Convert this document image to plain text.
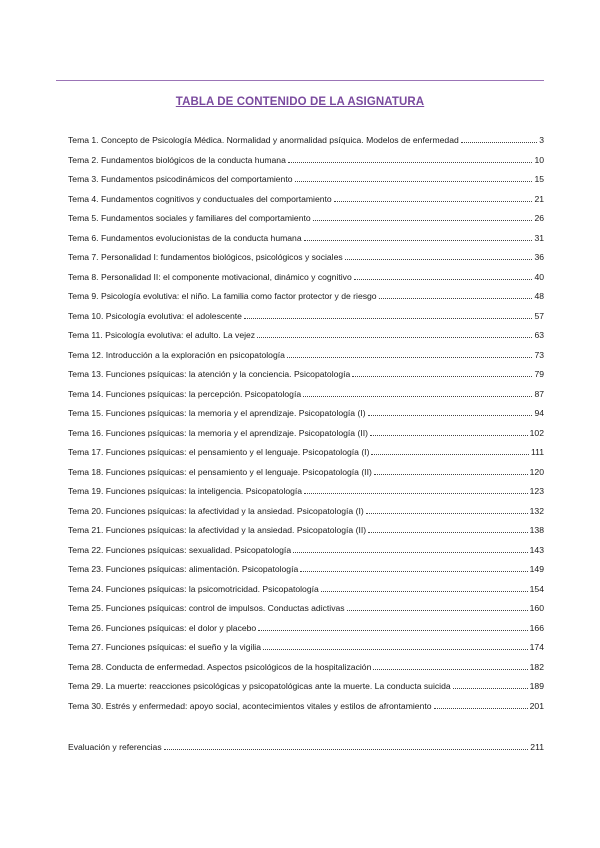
TABLA DE CONTENIDO DE LA ASIGNATURA
Tema 1. Concepto de Psicología Médica. Normalidad y anormalidad psíquica. Modelos de enfermedad	3
Tema 2. Fundamentos biológicos de la conducta humana	10
Tema 3. Fundamentos psicodinámicos del comportamiento	15
Tema 4. Fundamentos cognitivos y conductuales del comportamiento	21
Tema 5. Fundamentos sociales y familiares del comportamiento	26
Tema 6. Fundamentos evolucionistas de la conducta humana	31
Tema 7. Personalidad I: fundamentos biológicos, psicológicos y sociales	36
Tema 8. Personalidad II: el componente motivacional, dinámico y cognitivo	40
Tema 9. Psicología evolutiva: el niño. La familia como factor protector y de riesgo	48
Tema 10. Psicología evolutiva: el adolescente	57
Tema 11. Psicología evolutiva: el adulto. La vejez	63
Tema 12. Introducción a la exploración en psicopatología	73
Tema 13. Funciones psíquicas: la atención y la conciencia. Psicopatología	79
Tema 14. Funciones psíquicas: la percepción. Psicopatología	87
Tema 15. Funciones psíquicas: la memoria y el aprendizaje. Psicopatología (I)	94
Tema 16. Funciones psíquicas: la memoria y el aprendizaje. Psicopatología (II)	102
Tema 17. Funciones psíquicas: el pensamiento y el lenguaje. Psicopatología (I)	111
Tema 18. Funciones psíquicas: el pensamiento y el lenguaje. Psicopatología (II)	120
Tema 19. Funciones psíquicas: la inteligencia. Psicopatología	123
Tema 20. Funciones psíquicas: la afectividad y la ansiedad. Psicopatología (I)	132
Tema 21. Funciones psíquicas: la afectividad y la ansiedad. Psicopatología (II)	138
Tema 22. Funciones psíquicas: sexualidad. Psicopatología	143
Tema 23. Funciones psíquicas: alimentación. Psicopatología	149
Tema 24. Funciones psíquicas: la psicomotricidad. Psicopatología	154
Tema 25. Funciones psíquicas: control de impulsos. Conductas adictivas	160
Tema 26. Funciones psíquicas: el dolor y placebo	166
Tema 27. Funciones psíquicas: el sueño y la vigilia	174
Tema 28. Conducta de enfermedad. Aspectos psicológicos de la hospitalización	182
Tema 29. La muerte: reacciones psicológicas y psicopatológicas ante la muerte. La conducta suicida	189
Tema 30. Estrés y enfermedad: apoyo social, acontecimientos vitales y estilos de afrontamiento	201
Evaluación y referencias	211
